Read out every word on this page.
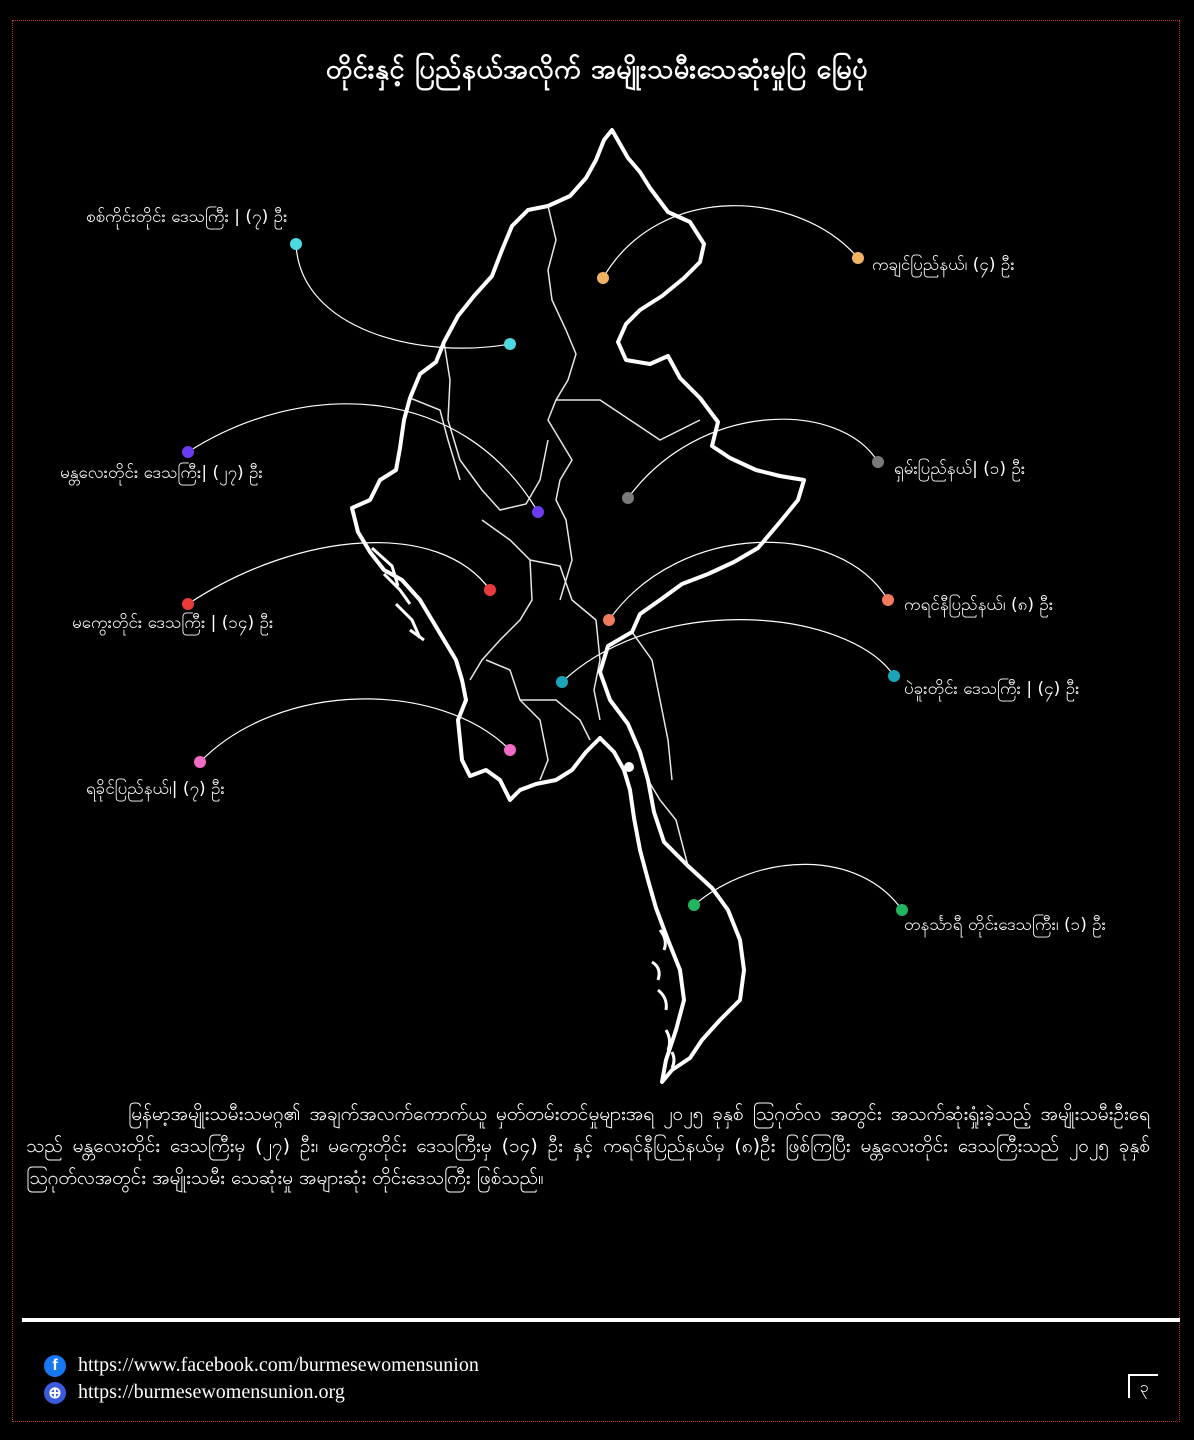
တိုင်းနှင့် ပြည်နယ်အလိုက် အမျိုးသမီးသေဆုံးမှုပြ မြေပုံ
စစ်ကိုင်းတိုင်း ဒေသကြီး | (၇) ဦး
ကချင်ပြည်နယ်၊ (၄) ဦး
မန္တလေးတိုင်း ဒေသကြီး| (၂၇) ဦး	ရှမ်းပြည်နယ်| (၁) ဦး
မကွေးတိုင်း ဒေသကြီး | (၁၄) ဦး
ကရင်နီပြည်နယ်၊ (၈) ဦး
ပဲခူးတိုင်း ဒေသကြီး | (၄) ဦး
ရခိုင်ပြည်နယ်၊| (၇) ဦး
တနင်္သာရီ တိုင်းဒေသကြီး၊ (၁) ဦး
မြန်မာ့အမျိုးသမီးသမဂ္ဂ၏ အချက်အလက်ကောက်ယူ မှတ်တမ်းတင်မှုများအရ ၂၀၂၅ ခုနှစ် ဩဂုတ်လ အတွင်း အသက်ဆုံးရှုံးခဲ့သည့် အမျိုးသမီးဦးရေသည် မန္တလေးတိုင်း ဒေသကြီးမှ (၂၇) ဦး၊ မကွေးတိုင်း ဒေသကြီးမှ (၁၄) ဦး နှင့် ကရင်နီပြည်နယ်မှ (၈)ဦး ဖြစ်ကြပြီး မန္တလေးတိုင်း ဒေသကြီးသည် ၂၀၂၅ ခုနှစ် ဩဂုတ်လအတွင်း အမျိုးသမီး သေဆုံးမှု အများဆုံး တိုင်းဒေသကြီး ဖြစ်သည်။
f	https://www.facebook.com/burmesewomensunion
⊕ https://burmesewomensunion.org	၃
